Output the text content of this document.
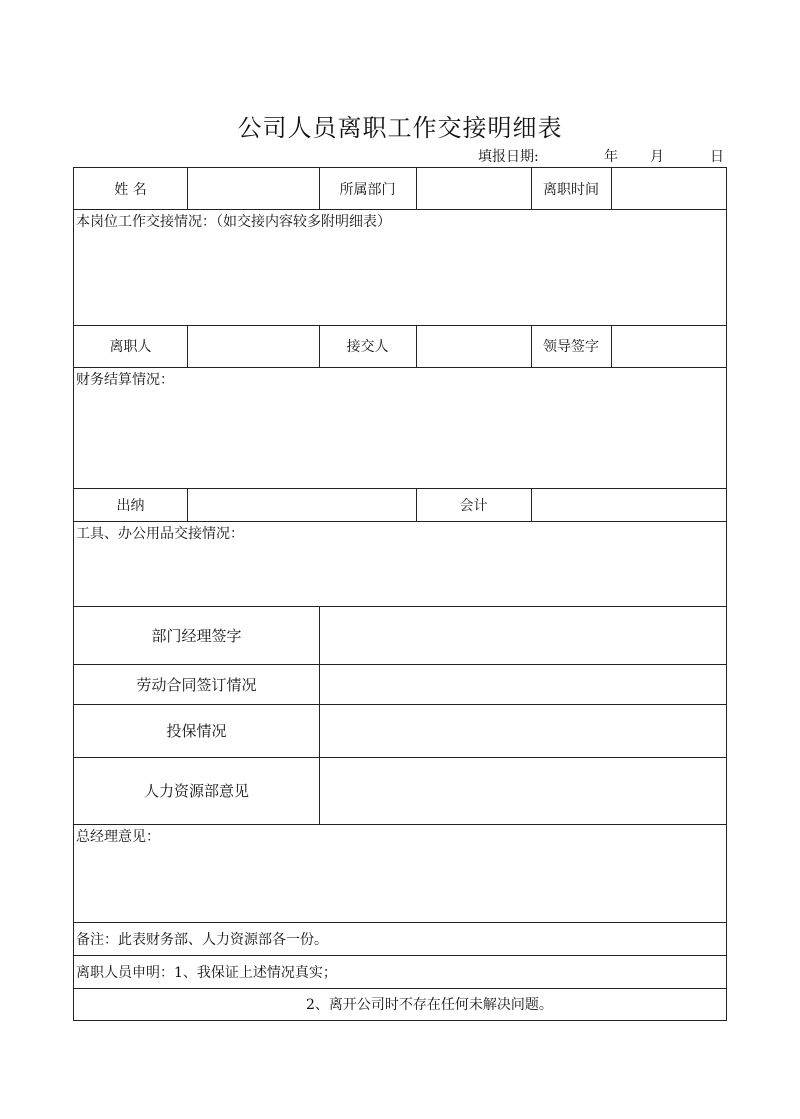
公司人员离职工作交接明细表
填报日期:	年 月	日
姓 名	所属部门	离职时间
本岗位工作交接情况：（如交接内容较多附明细表）
离职人	接交人	领导签字
财务结算情况：
出纳	会计
工具、办公用品交接情况：
部门经理签字
劳动合同签订情况
投保情况
人力资源部意见
总经理意见：
备注：此表财务部、人力资源部各一份。
离职人员申明：1、我保证上述情况真实；
2、离开公司时不存在任何未解决问题。
